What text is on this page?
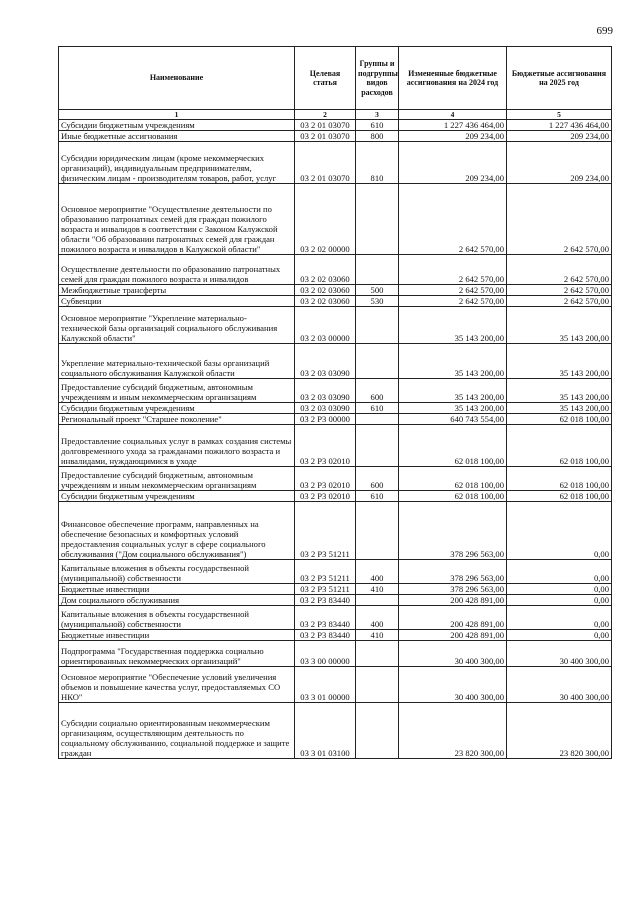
699
Наименование	Целевая статья	Группы и подгруппы видов расходов	Измененные бюджетные ассигнования на 2024 год	Бюджетные ассигнования на 2025 год
1	2	3	4	5
Субсидии бюджетным учреждениям	03 2 01 03070	610	1 227 436 464,00	1 227 436 464,00
Иные бюджетные ассигнования	03 2 01 03070	800	209 234,00	209 234,00
Субсидии юридическим лицам (кроме некоммерческих организаций), индивидуальным предпринимателям, физическим лицам - производителям товаров, работ, услуг	03 2 01 03070	810	209 234,00	209 234,00
Основное мероприятие "Осуществление деятельности по образованию патронатных семей для граждан пожилого возраста и инвалидов в соответствии с Законом Калужской области "Об образовании патронатных семей для граждан пожилого возраста и инвалидов в Калужской области"	03 2 02 00000		2 642 570,00	2 642 570,00
Осуществление деятельности по образованию патронатных семей для граждан пожилого возраста и инвалидов	03 2 02 03060		2 642 570,00	2 642 570,00
Межбюджетные трансферты	03 2 02 03060	500	2 642 570,00	2 642 570,00
Субвенции	03 2 02 03060	530	2 642 570,00	2 642 570,00
Основное мероприятие "Укрепление материально-технической базы организаций социального обслуживания Калужской области"	03 2 03 00000		35 143 200,00	35 143 200,00
Укрепление материально-технической базы организаций социального обслуживания Калужской области	03 2 03 03090		35 143 200,00	35 143 200,00
Предоставление субсидий бюджетным, автономным учреждениям и иным некоммерческим организациям	03 2 03 03090	600	35 143 200,00	35 143 200,00
Субсидии бюджетным учреждениям	03 2 03 03090	610	35 143 200,00	35 143 200,00
Региональный проект "Старшее поколение"	03 2 P3 00000		640 743 554,00	62 018 100,00
Предоставление социальных услуг в рамках создания системы долговременного ухода за гражданами пожилого возраста и инвалидами, нуждающимися в уходе	03 2 P3 02010		62 018 100,00	62 018 100,00
Предоставление субсидий бюджетным, автономным учреждениям и иным некоммерческим организациям	03 2 P3 02010	600	62 018 100,00	62 018 100,00
Субсидии бюджетным учреждениям	03 2 P3 02010	610	62 018 100,00	62 018 100,00
Финансовое обеспечение программ, направленных на обеспечение безопасных и комфортных условий предоставления социальных услуг в сфере социального обслуживания ("Дом социального обслуживания")	03 2 P3 51211		378 296 563,00	0,00
Капитальные вложения в объекты государственной (муниципальной) собственности	03 2 P3 51211	400	378 296 563,00	0,00
Бюджетные инвестиции	03 2 P3 51211	410	378 296 563,00	0,00
Дом социального обслуживания	03 2 P3 83440		200 428 891,00	0,00
Капитальные вложения в объекты государственной (муниципальной) собственности	03 2 P3 83440	400	200 428 891,00	0,00
Бюджетные инвестиции	03 2 P3 83440	410	200 428 891,00	0,00
Подпрограмма "Государственная поддержка социально ориентированных некоммерческих организаций"	03 3 00 00000		30 400 300,00	30 400 300,00
Основное мероприятие "Обеспечение условий увеличения объемов и повышение качества услуг, предоставляемых СО НКО"	03 3 01 00000		30 400 300,00	30 400 300,00
Субсидии социально ориентированным некоммерческим организациям, осуществляющим деятельность по социальному обслуживанию, социальной поддержке и защите граждан	03 3 01 03100		23 820 300,00	23 820 300,00
